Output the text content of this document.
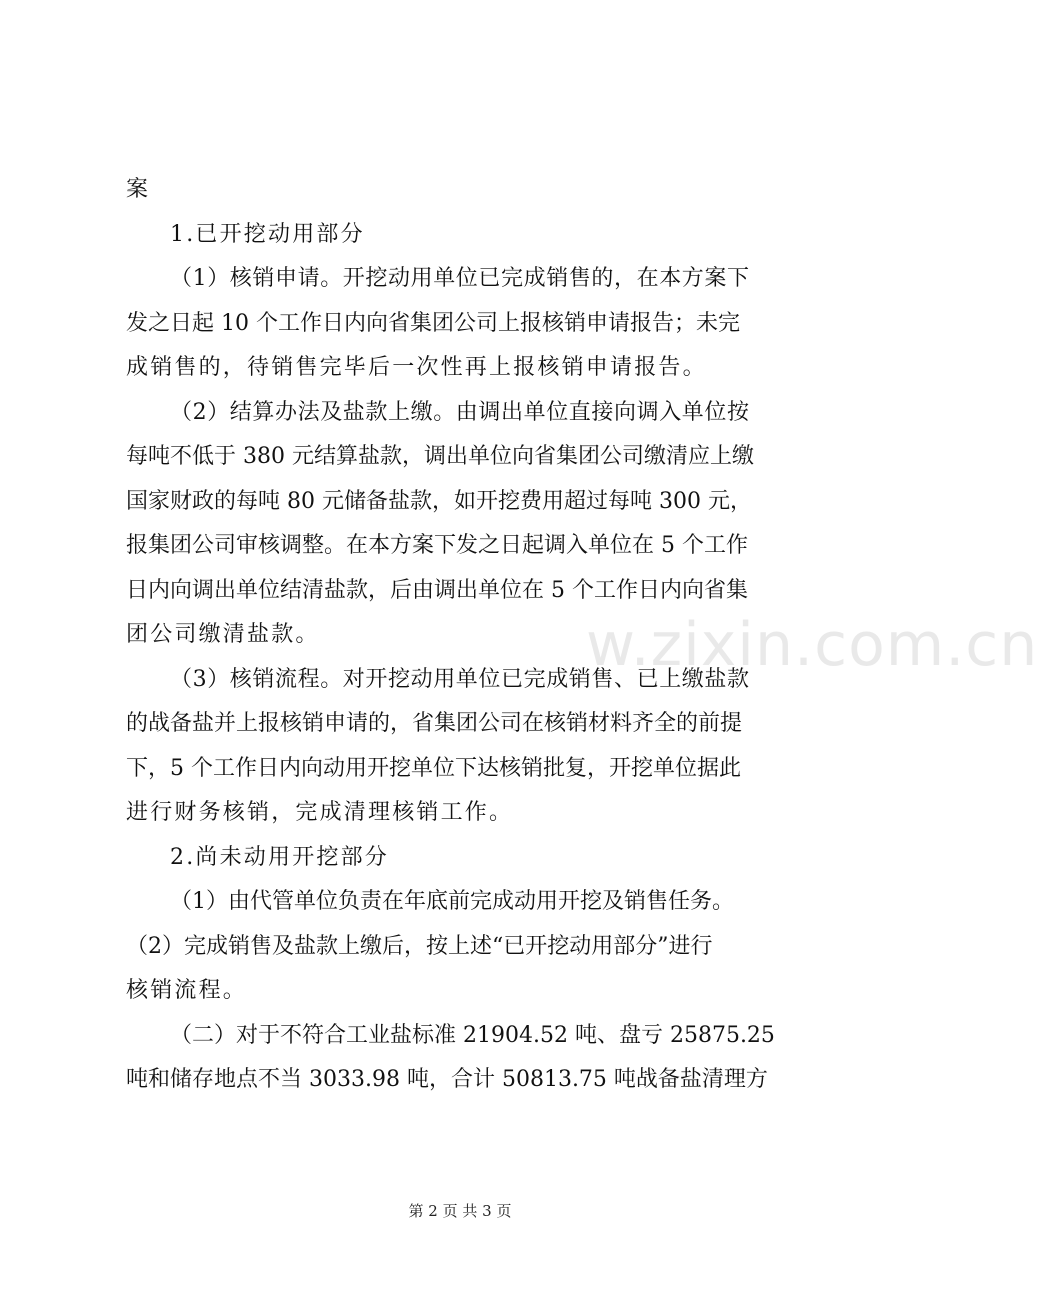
w.zixin.com.cn
案
1.已开挖动用部分
（1）核销申请。开挖动用单位已完成销售的，在本方案下
发之日起 10 个工作日内向省集团公司上报核销申请报告；未完
成销售的，待销售完毕后一次性再上报核销申请报告。
（2）结算办法及盐款上缴。由调出单位直接向调入单位按
每吨不低于 380 元结算盐款，调出单位向省集团公司缴清应上缴
国家财政的每吨 80 元储备盐款，如开挖费用超过每吨 300 元，
报集团公司审核调整。在本方案下发之日起调入单位在 5 个工作
日内向调出单位结清盐款，后由调出单位在 5 个工作日内向省集
团公司缴清盐款。
（3）核销流程。对开挖动用单位已完成销售、已上缴盐款
的战备盐并上报核销申请的，省集团公司在核销材料齐全的前提
下，5 个工作日内向动用开挖单位下达核销批复，开挖单位据此
进行财务核销，完成清理核销工作。
2.尚未动用开挖部分
（1）由代管单位负责在年底前完成动用开挖及销售任务。
（2）完成销售及盐款上缴后，按上述“已开挖动用部分”进行
核销流程。
（二）对于不符合工业盐标准 21904.52 吨、盘亏 25875.25
吨和储存地点不当 3033.98 吨，合计 50813.75 吨战备盐清理方
第 2 页 共 3 页
